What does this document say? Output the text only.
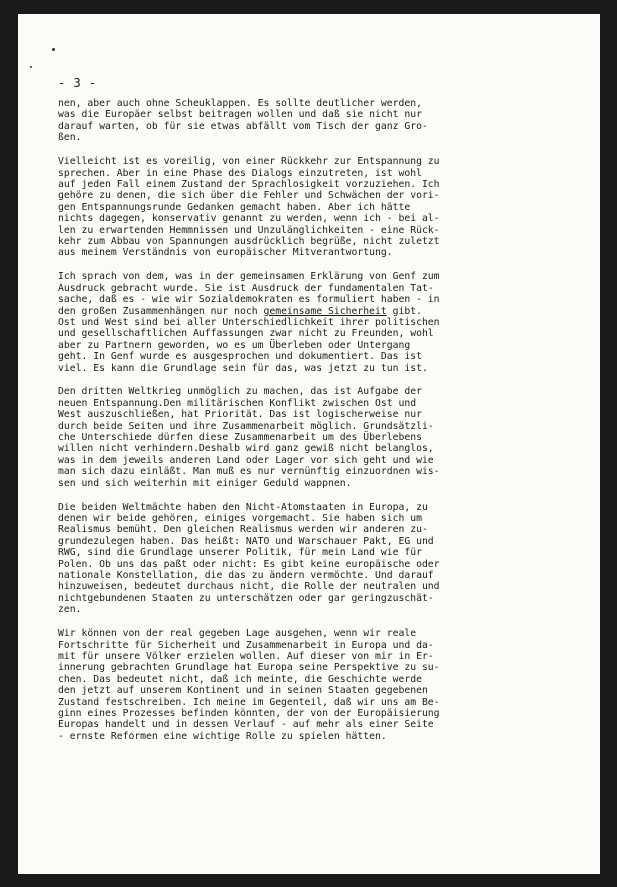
- 3 -

nen, aber auch ohne Scheuklappen. Es sollte deutlicher werden,
was die Europäer selbst beitragen wollen und daß sie nicht nur
darauf warten, ob für sie etwas abfällt vom Tisch der ganz Gro-
ßen.

Vielleicht ist es voreilig, von einer Rückkehr zur Entspannung zu
sprechen. Aber in eine Phase des Dialogs einzutreten, ist wohl
auf jeden Fall einem Zustand der Sprachlosigkeit vorzuziehen. Ich
gehöre zu denen, die sich über die Fehler und Schwächen der vori-
gen Entspannungsrunde Gedanken gemacht haben. Aber ich hätte
nichts dagegen, konservativ genannt zu werden, wenn ich - bei al-
len zu erwartenden Hemmnissen und Unzulänglichkeiten - eine Rück-
kehr zum Abbau von Spannungen ausdrücklich begrüße, nicht zuletzt
aus meinem Verständnis von europäischer Mitverantwortung.

Ich sprach von dem, was in der gemeinsamen Erklärung von Genf zum
Ausdruck gebracht wurde. Sie ist Ausdruck der fundamentalen Tat-
sache, daß es - wie wir Sozialdemokraten es formuliert haben - in
den großen Zusammenhängen nur noch gemeinsame Sicherheit gibt.
Ost und West sind bei aller Unterschiedlichkeit ihrer politischen
und gesellschaftlichen Auffassungen zwar nicht zu Freunden, wohl
aber zu Partnern geworden, wo es um Überleben oder Untergang
geht. In Genf wurde es ausgesprochen und dokumentiert. Das ist
viel. Es kann die Grundlage sein für das, was jetzt zu tun ist.

Den dritten Weltkrieg unmöglich zu machen, das ist Aufgabe der
neuen Entspannung.Den militärischen Konflikt zwischen Ost und
West auszuschließen, hat Priorität. Das ist logischerweise nur
durch beide Seiten und ihre Zusammenarbeit möglich. Grundsätzli-
che Unterschiede dürfen diese Zusammenarbeit um des Überlebens
willen nicht verhindern.Deshalb wird ganz gewiß nicht belanglos,
was in dem jeweils anderen Land oder Lager vor sich geht und wie
man sich dazu einläßt. Man muß es nur vernünftig einzuordnen wis-
sen und sich weiterhin mit einiger Geduld wappnen.

Die beiden Weltmächte haben den Nicht-Atomstaaten in Europa, zu
denen wir beide gehören, einiges vorgemacht. Sie haben sich um
Realismus bemüht. Den gleichen Realismus werden wir anderen zu-
grundezulegen haben. Das heißt: NATO und Warschauer Pakt, EG und
RWG, sind die Grundlage unserer Politik, für mein Land wie für
Polen. Ob uns das paßt oder nicht: Es gibt keine europäische oder
nationale Konstellation, die das zu ändern vermöchte. Und darauf
hinzuweisen, bedeutet durchaus nicht, die Rolle der neutralen und
nichtgebundenen Staaten zu unterschätzen oder gar geringzuschät-
zen.

Wir können von der real gegeben Lage ausgehen, wenn wir reale
Fortschritte für Sicherheit und Zusammenarbeit in Europa und da-
mit für unsere Völker erzielen wollen. Auf dieser von mir in Er-
innerung gebrachten Grundlage hat Europa seine Perspektive zu su-
chen. Das bedeutet nicht, daß ich meinte, die Geschichte werde
den jetzt auf unserem Kontinent und in seinen Staaten gegebenen
Zustand festschreiben. Ich meine im Gegenteil, daß wir uns am Be-
ginn eines Prozesses befinden könnten, der von der Europäisierung
Europas handelt und in dessen Verlauf - auf mehr als einer Seite
- ernste Reformen eine wichtige Rolle zu spielen hätten.
